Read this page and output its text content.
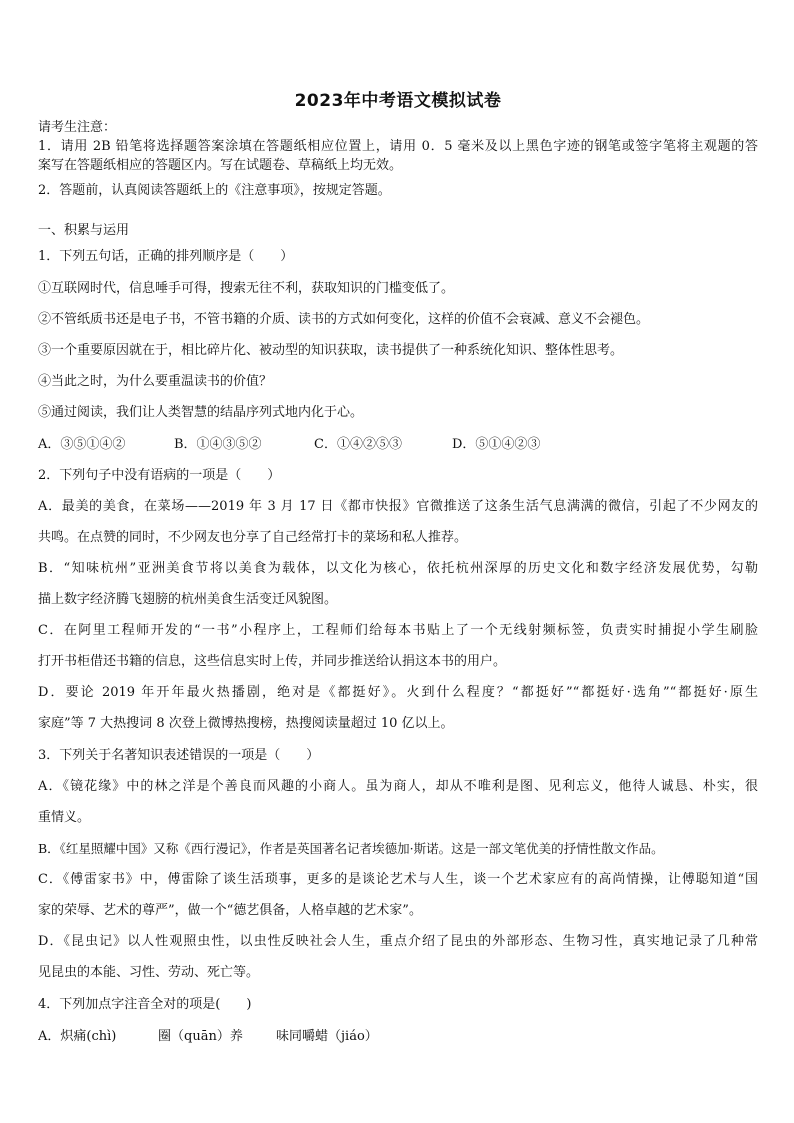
2023年中考语文模拟试卷
请考生注意：
1．请用 2B 铅笔将选择题答案涂填在答题纸相应位置上，请用 0．5 毫米及以上黑色字迹的钢笔或签字笔将主观题的答
案写在答题纸相应的答题区内。写在试题卷、草稿纸上均无效。
2．答题前，认真阅读答题纸上的《注意事项》，按规定答题。
一、积累与运用
1．下列五句话，正确的排列顺序是（　　）
①互联网时代，信息唾手可得，搜索无往不利，获取知识的门槛变低了。
②不管纸质书还是电子书，不管书籍的介质、读书的方式如何变化，这样的价值不会衰减、意义不会褪色。
③一个重要原因就在于，相比碎片化、被动型的知识获取，读书提供了一种系统化知识、整体性思考。
④当此之时，为什么要重温读书的价值？
⑤通过阅读，我们让人类智慧的结晶序列式地内化于心。
A．③⑤①④②	B．①④③⑤②	C．①④②⑤③	D．⑤①④②③
2．下列句子中没有语病的一项是（　　）
A．最美的美食，在菜场——2019 年 3 月 17 日《都市快报》官微推送了这条生活气息满满的微信，引起了不少网友的
共鸣。在点赞的同时，不少网友也分享了自己经常打卡的菜场和私人推荐。
B．“知味杭州”亚洲美食节将以美食为载体，以文化为核心，依托杭州深厚的历史文化和数字经济发展优势，勾勒
描上数字经济腾飞翅膀的杭州美食生活变迁风貌图。
C．在阿里工程师开发的“一书”小程序上，工程师们给每本书贴上了一个无线射频标签，负责实时捕捉小学生刷脸
打开书柜借还书籍的信息，这些信息实时上传，并同步推送给认捐这本书的用户。
D．要论 2019 年开年最火热播剧，绝对是《都挺好》。火到什么程度？“都挺好”“都挺好·选角”“都挺好·原生
家庭”等 7 大热搜词 8 次登上微博热搜榜，热搜阅读量超过 10 亿以上。
3．下列关于名著知识表述错误的一项是（　　）
A．《镜花缘》中的林之洋是个善良而风趣的小商人。虽为商人，却从不唯利是图、见利忘义，他待人诚恳、朴实，很
重情义。
B．《红星照耀中国》又称《西行漫记》，作者是英国著名记者埃德加·斯诺。这是一部文笔优美的抒情性散文作品。
C．《傅雷家书》中，傅雷除了谈生活琐事，更多的是谈论艺术与人生，谈一个艺术家应有的高尚情操，让傅聪知道“国
家的荣辱、艺术的尊严”，做一个“德艺俱备，人格卓越的艺术家”。
D．《昆虫记》以人性观照虫性，以虫性反映社会人生，重点介绍了昆虫的外部形态、生物习性，真实地记录了几种常
见昆虫的本能、习性、劳动、死亡等。
4．下列加点字注音全对的项是(　　)
A．炽痛(chì)	圈（quān）养	味同嚼蜡（jiáo）
